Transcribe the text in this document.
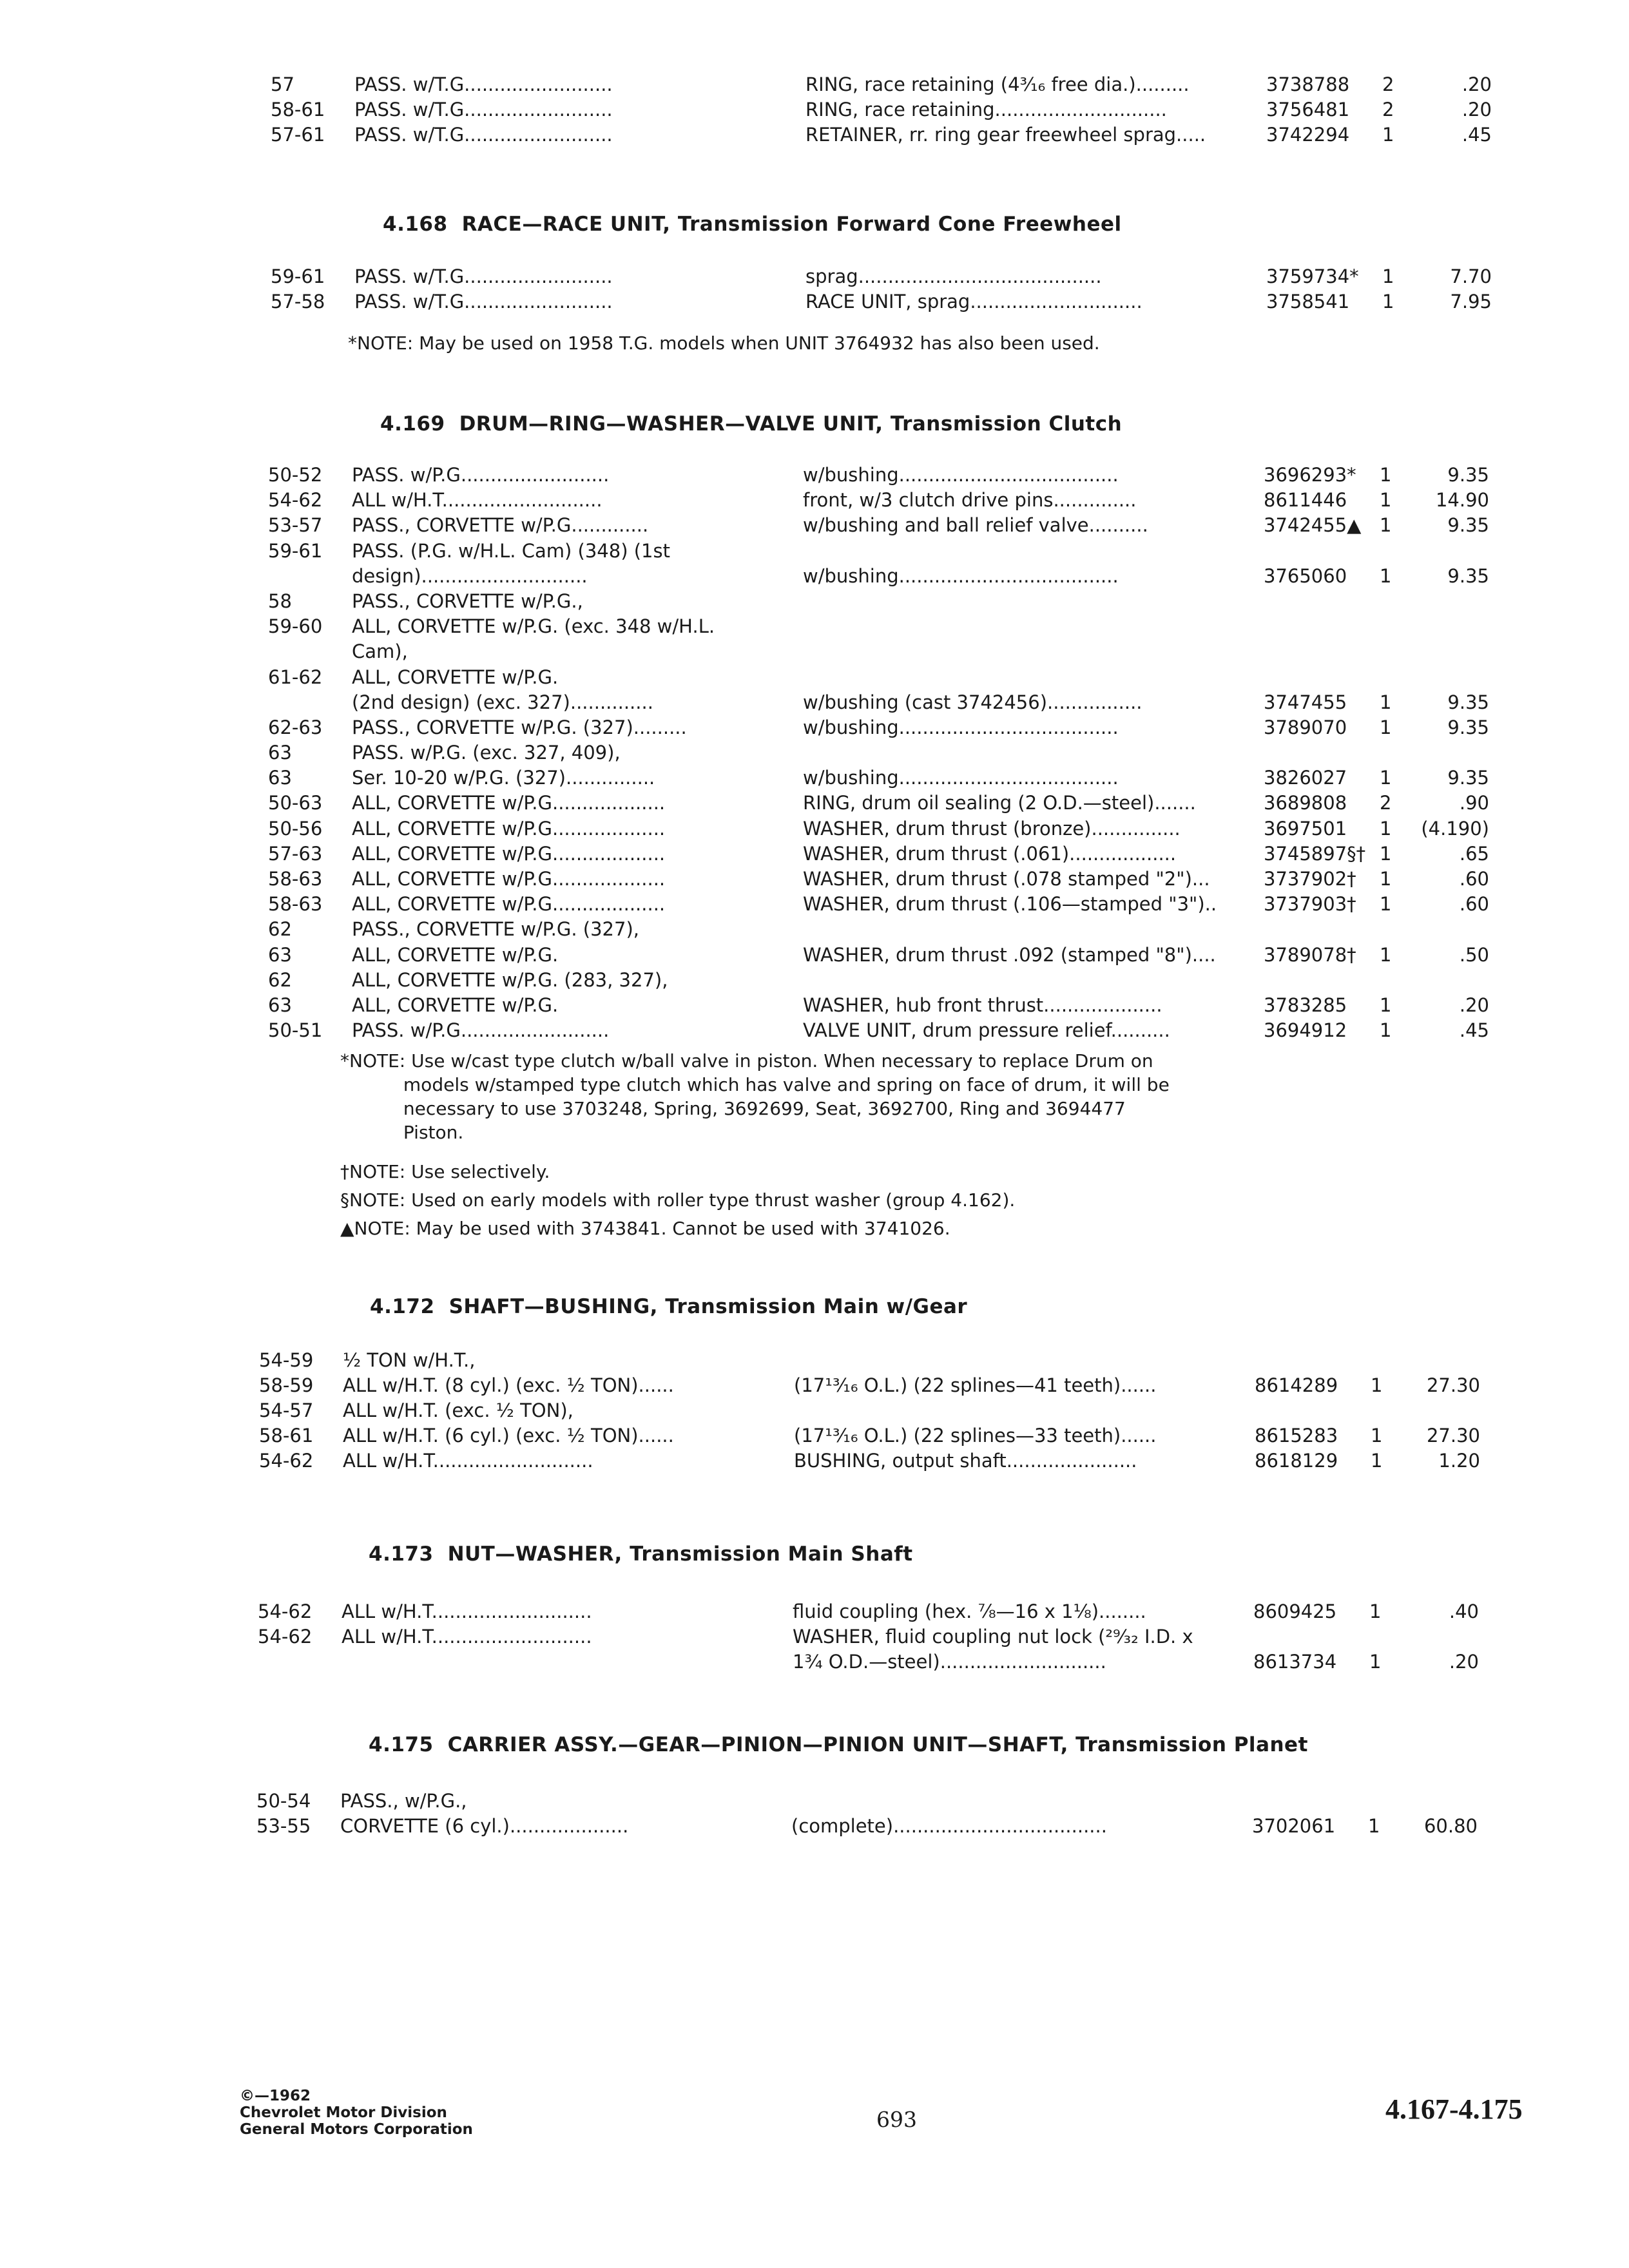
57	PASS. w/T.G.........................	RING, race retaining (4³⁄₁₆ free dia.).........	3738788	2	.20
58-61	PASS. w/T.G.........................	RING, race retaining.............................	3756481	2	.20
57-61	PASS. w/T.G.........................	RETAINER, rr. ring gear freewheel sprag.....	3742294	1	.45
4.168 RACE—RACE UNIT, Transmission Forward Cone Freewheel
59-61	PASS. w/T.G.........................	sprag.........................................	3759734*	1	7.70
57-58	PASS. w/T.G.........................	RACE UNIT, sprag.............................	3758541	1	7.95
*NOTE: May be used on 1958 T.G. models when UNIT 3764932 has also been used.
4.169 DRUM—RING—WASHER—VALVE UNIT, Transmission Clutch
50-52	PASS. w/P.G.........................	w/bushing.....................................	3696293*	1	9.35
54-62	ALL w/H.T...........................	front, w/3 clutch drive pins..............	8611446	1	14.90
53-57	PASS., CORVETTE w/P.G.............	w/bushing and ball relief valve..........	3742455▲ 1	9.35
59-61	PASS. (P.G. w/H.L. Cam) (348) (1st
design)............................	w/bushing.....................................	3765060	1	9.35
58	PASS., CORVETTE w/P.G.,
59-60	ALL, CORVETTE w/P.G. (exc. 348 w/H.L.
Cam),
61-62	ALL, CORVETTE w/P.G.
(2nd design) (exc. 327)..............	w/bushing (cast 3742456)................	3747455	1	9.35
62-63	PASS., CORVETTE w/P.G. (327).........	w/bushing.....................................	3789070	1	9.35
63	PASS. w/P.G. (exc. 327, 409),
63	Ser. 10-20 w/P.G. (327)...............	w/bushing.....................................	3826027	1	9.35
50-63	ALL, CORVETTE w/P.G...................	RING, drum oil sealing (2 O.D.—steel).......	3689808	2	.90
50-56	ALL, CORVETTE w/P.G...................	WASHER, drum thrust (bronze)...............	3697501	1	(4.190)
57-63	ALL, CORVETTE w/P.G...................	WASHER, drum thrust (.061)..................	3745897§† 1	.65
58-63	ALL, CORVETTE w/P.G...................	WASHER, drum thrust (.078 stamped "2")...	3737902†	1	.60
58-63	ALL, CORVETTE w/P.G...................	WASHER, drum thrust (.106—stamped "3")..	3737903†	1	.60
62	PASS., CORVETTE w/P.G. (327),
63	ALL, CORVETTE w/P.G.	WASHER, drum thrust .092 (stamped "8")....	3789078†	1	.50
62	ALL, CORVETTE w/P.G. (283, 327),
63	ALL, CORVETTE w/P.G.	WASHER, hub front thrust....................	3783285	1	.20
50-51	PASS. w/P.G.........................	VALVE UNIT, drum pressure relief..........	3694912	1	.45
*NOTE: Use w/cast type clutch w/ball valve in piston. When necessary to replace Drum on
models w/stamped type clutch which has valve and spring on face of drum, it will be
necessary to use 3703248, Spring, 3692699, Seat, 3692700, Ring and 3694477
Piston.
†NOTE: Use selectively.
§NOTE: Used on early models with roller type thrust washer (group 4.162).
▲NOTE: May be used with 3743841. Cannot be used with 3741026.
4.172 SHAFT—BUSHING, Transmission Main w/Gear
54-59	½ TON w/H.T.,
58-59	ALL w/H.T. (8 cyl.) (exc. ½ TON)......	(17¹³⁄₁₆ O.L.) (22 splines—41 teeth)......	8614289	1	27.30
54-57	ALL w/H.T. (exc. ½ TON),
58-61	ALL w/H.T. (6 cyl.) (exc. ½ TON)......	(17¹³⁄₁₆ O.L.) (22 splines—33 teeth)......	8615283	1	27.30
54-62	ALL w/H.T...........................	BUSHING, output shaft......................	8618129	1	1.20
4.173 NUT—WASHER, Transmission Main Shaft
54-62	ALL w/H.T...........................	fluid coupling (hex. ⅞—16 x 1⅛)........	8609425	1	.40
54-62	ALL w/H.T...........................	WASHER, fluid coupling nut lock (²⁹⁄₃₂ I.D. x
1¾ O.D.—steel)............................	8613734	1	.20
4.175 CARRIER ASSY.—GEAR—PINION—PINION UNIT—SHAFT, Transmission Planet
50-54	PASS., w/P.G.,
53-55	CORVETTE (6 cyl.)....................	(complete)....................................	3702061	1	60.80
©—1962
Chevrolet Motor Division
General Motors Corporation	693	4.167-4.175
